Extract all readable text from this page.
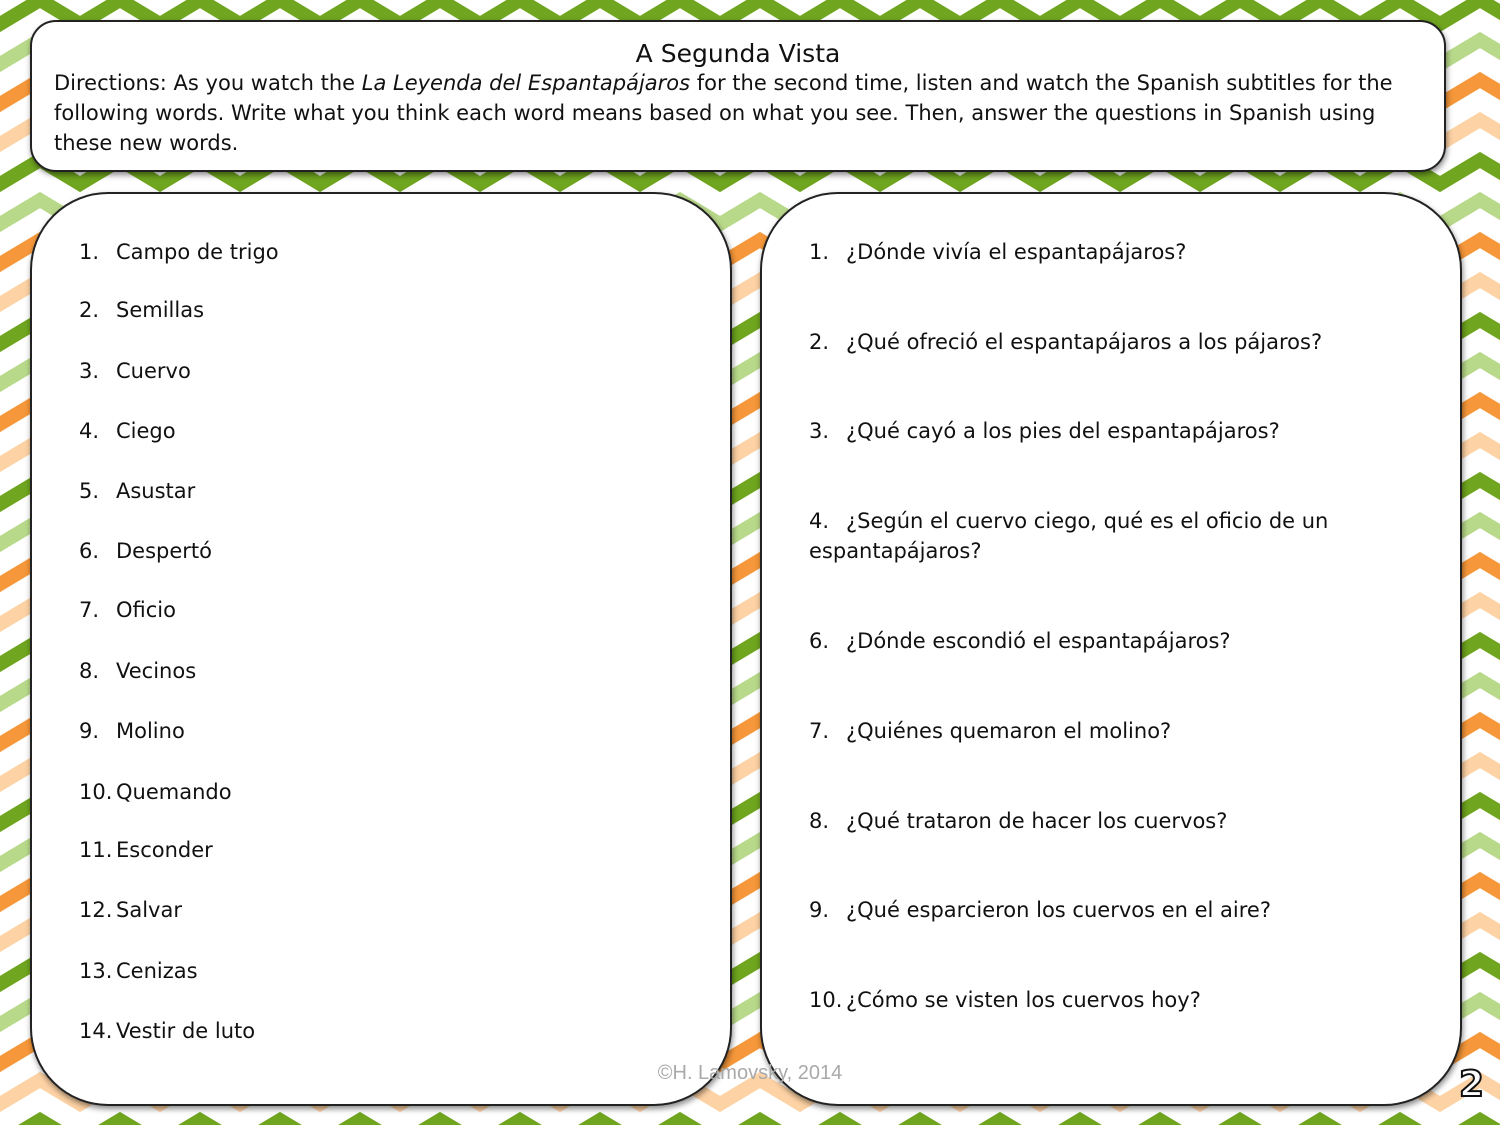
A Segunda Vista

Directions: As you watch the La Leyenda del Espantapájaros for the second time, listen and watch the Spanish subtitles for the following words. Write what you think each word means based on what you see. Then, answer the questions in Spanish using these new words.

1. Campo de trigo
2. Semillas
3. Cuervo
4. Ciego
5. Asustar
6. Despertó
7. Oficio
8. Vecinos
9. Molino
10. Quemando
11. Esconder
12. Salvar
13. Cenizas
14. Vestir de luto
1. ¿Dónde vivía el espantapájaros?
2. ¿Qué ofreció el espantapájaros a los pájaros?
3. ¿Qué cayó a los pies del espantapájaros?
4. ¿Según el cuervo ciego, qué es el oficio de un espantapájaros?
6. ¿Dónde escondió el espantapájaros?
7. ¿Quiénes quemaron el molino?
8. ¿Qué trataron de hacer los cuervos?
9. ¿Qué esparcieron los cuervos en el aire?
10. ¿Cómo se visten los cuervos hoy?
©H. Lamovsky, 2014	2
